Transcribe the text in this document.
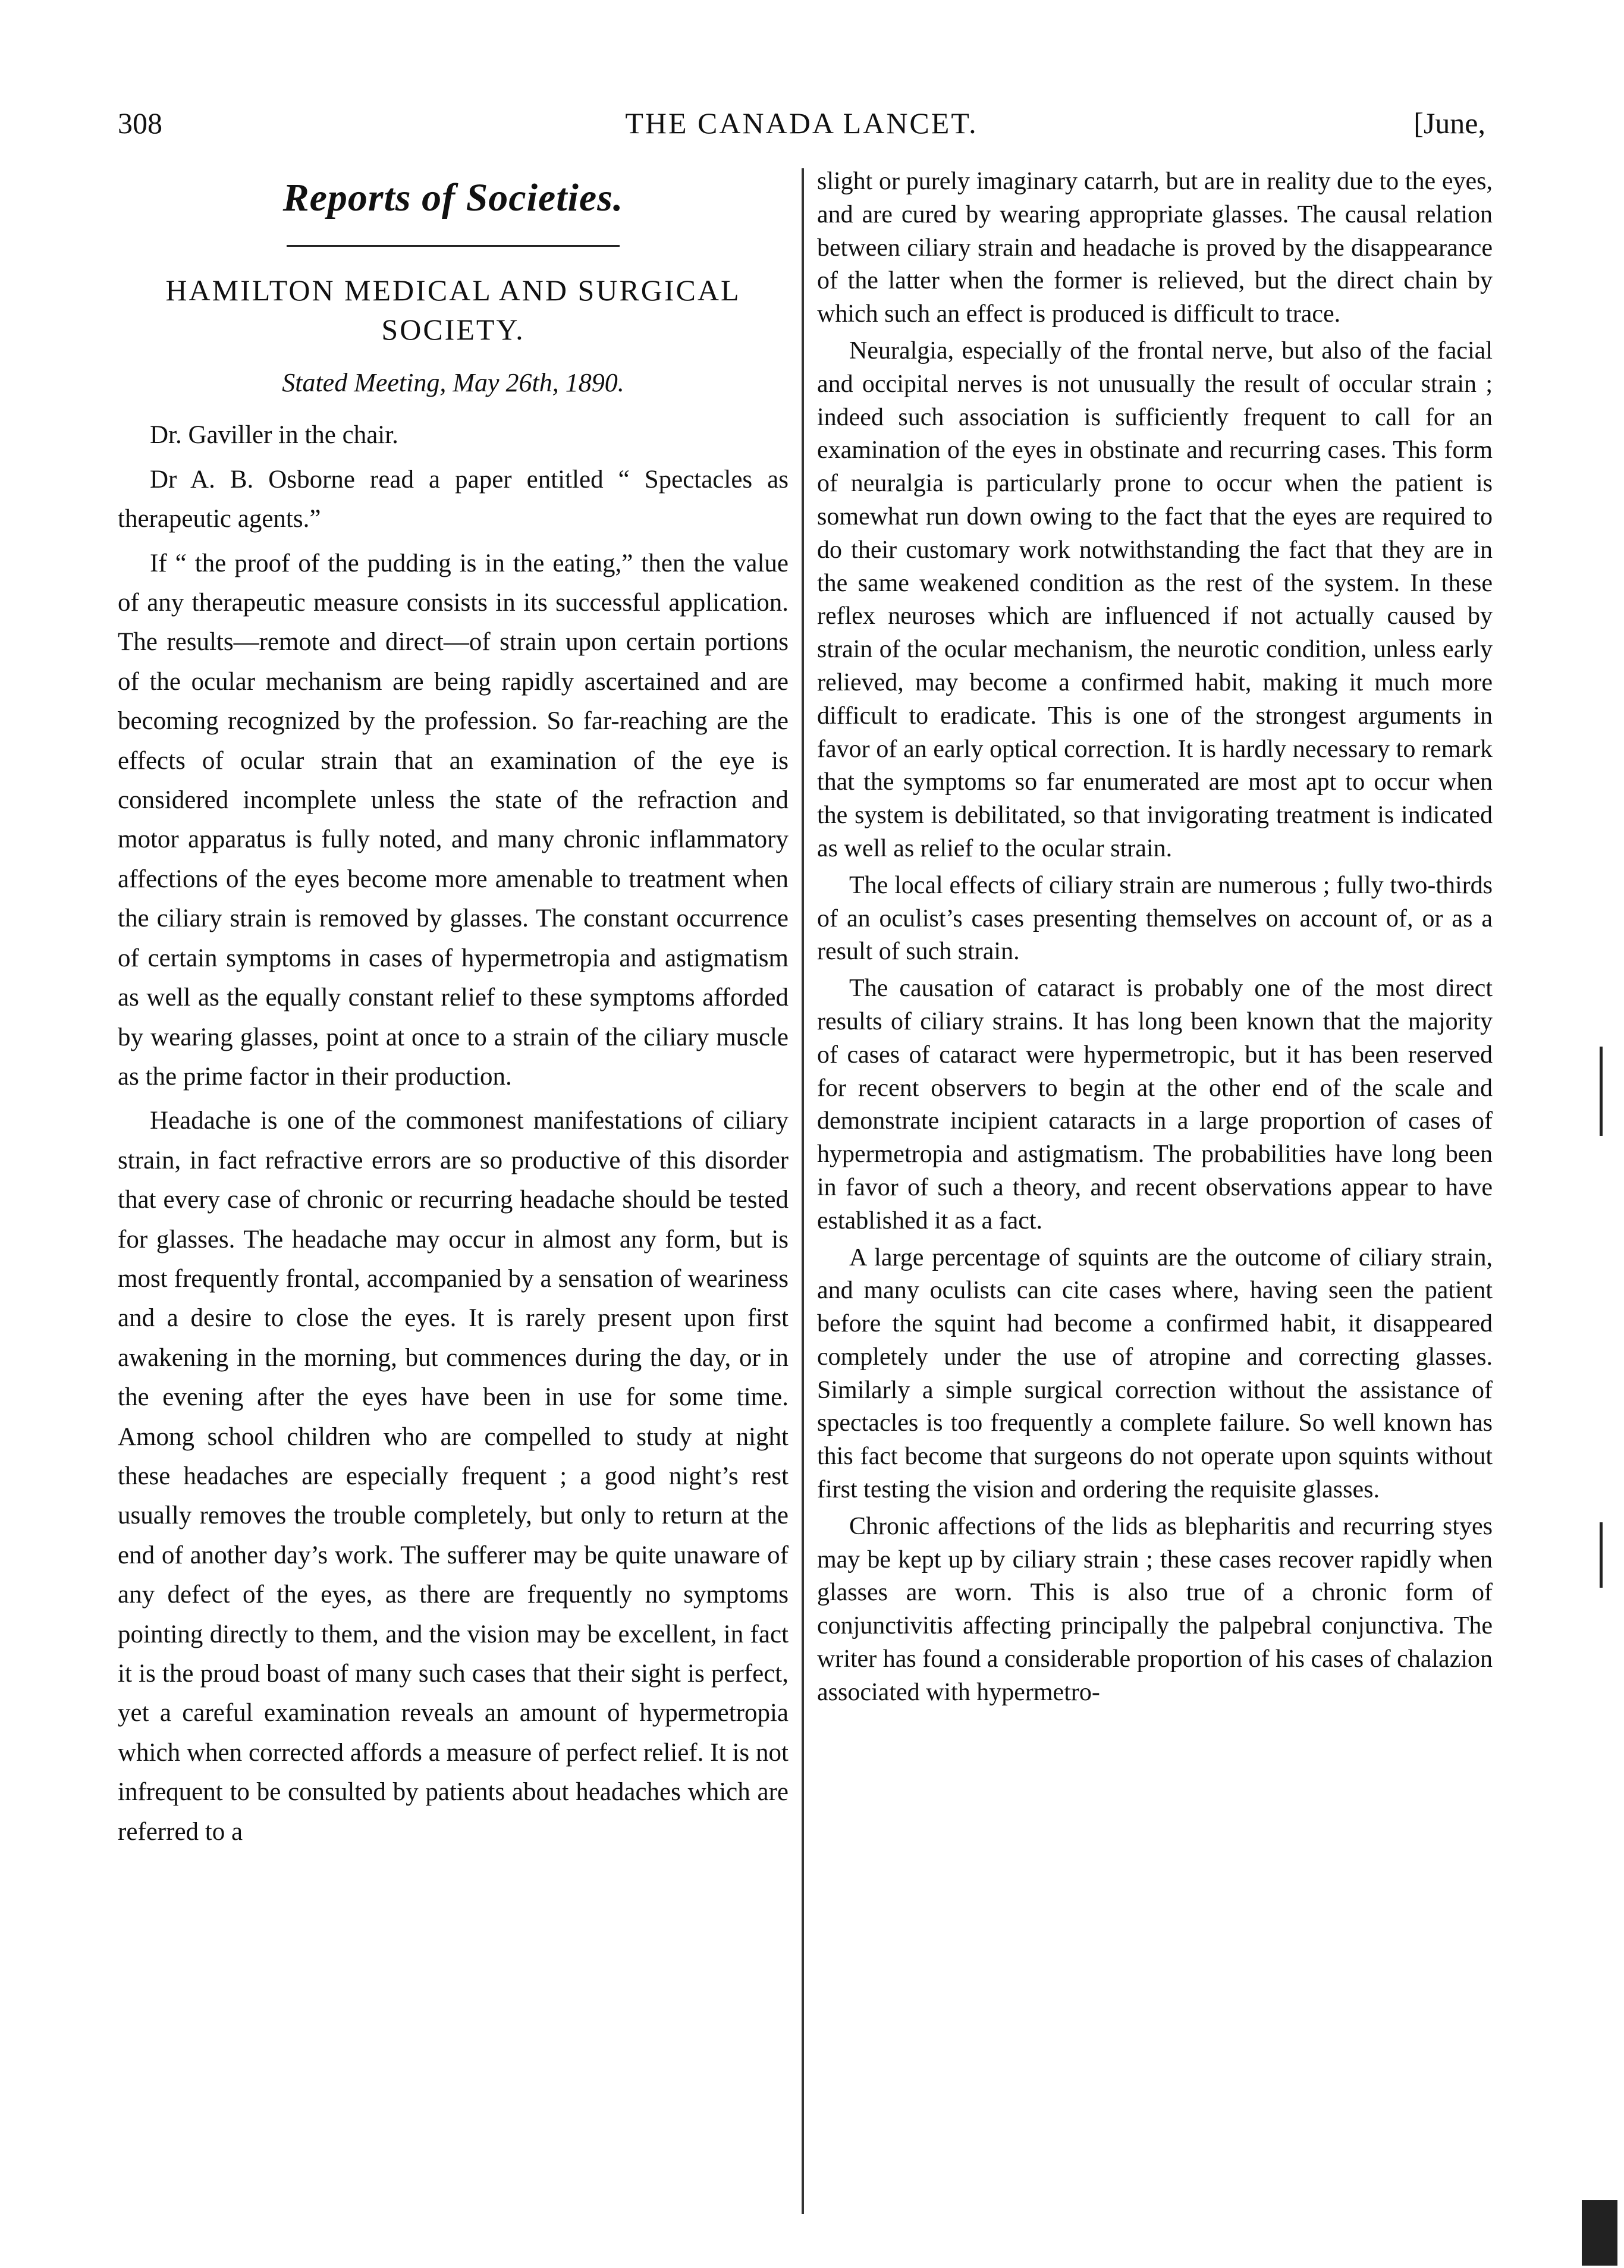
308	THE CANADA LANCET.	[June,
Reports of Societies.
HAMILTON MEDICAL AND SURGICAL SOCIETY.
Stated Meeting, May 26th, 1890.

Dr. Gaviller in the chair.

Dr A. B. Osborne read a paper entitled “ Spectacles as therapeutic agents.”

If “ the proof of the pudding is in the eating,” then the value of any therapeutic measure consists in its successful application. The results—remote and direct—of strain upon certain portions of the ocular mechanism are being rapidly ascertained and are becoming recognized by the profession. So far-reaching are the effects of ocular strain that an examination of the eye is considered incomplete unless the state of the refraction and motor apparatus is fully noted, and many chronic inflammatory affections of the eyes become more amenable to treatment when the ciliary strain is removed by glasses. The constant occurrence of certain symptoms in cases of hypermetropia and astigmatism as well as the equally constant relief to these symptoms afforded by wearing glasses, point at once to a strain of the ciliary muscle as the prime factor in their production.

Headache is one of the commonest manifestations of ciliary strain, in fact refractive errors are so productive of this disorder that every case of chronic or recurring headache should be tested for glasses. The headache may occur in almost any form, but is most frequently frontal, accompanied by a sensation of weariness and a desire to close the eyes. It is rarely present upon first awakening in the morning, but commences during the day, or in the evening after the eyes have been in use for some time. Among school children who are compelled to study at night these headaches are especially frequent ; a good night’s rest usually removes the trouble completely, but only to return at the end of another day’s work. The sufferer may be quite unaware of any defect of the eyes, as there are frequently no symptoms pointing directly to them, and the vision may be excellent, in fact it is the proud boast of many such cases that their sight is perfect, yet a careful examination reveals an amount of hypermetropia which when corrected affords a measure of perfect relief. It is not infrequent to be consulted by patients about headaches which are referred to a

slight or purely imaginary catarrh, but are in reality due to the eyes, and are cured by wearing appropriate glasses. The causal relation between ciliary strain and headache is proved by the disappearance of the latter when the former is relieved, but the direct chain by which such an effect is produced is difficult to trace.

Neuralgia, especially of the frontal nerve, but also of the facial and occipital nerves is not unusually the result of occular strain ; indeed such association is sufficiently frequent to call for an examination of the eyes in obstinate and recurring cases. This form of neuralgia is particularly prone to occur when the patient is somewhat run down owing to the fact that the eyes are required to do their customary work notwithstanding the fact that they are in the same weakened condition as the rest of the system. In these reflex neuroses which are influenced if not actually caused by strain of the ocular mechanism, the neurotic condition, unless early relieved, may become a confirmed habit, making it much more difficult to eradicate. This is one of the strongest arguments in favor of an early optical correction. It is hardly necessary to remark that the symptoms so far enumerated are most apt to occur when the system is debilitated, so that invigorating treatment is indicated as well as relief to the ocular strain.

The local effects of ciliary strain are numerous ; fully two-thirds of an oculist’s cases presenting themselves on account of, or as a result of such strain.

The causation of cataract is probably one of the most direct results of ciliary strains. It has long been known that the majority of cases of cataract were hypermetropic, but it has been reserved for recent observers to begin at the other end of the scale and demonstrate incipient cataracts in a large proportion of cases of hypermetropia and astigmatism. The probabilities have long been in favor of such a theory, and recent observations appear to have established it as a fact.

A large percentage of squints are the outcome of ciliary strain, and many oculists can cite cases where, having seen the patient before the squint had become a confirmed habit, it disappeared completely under the use of atropine and correcting glasses. Similarly a simple surgical correction without the assistance of spectacles is too frequently a complete failure. So well known has this fact become that surgeons do not operate upon squints without first testing the vision and ordering the requisite glasses.

Chronic affections of the lids as blepharitis and recurring styes may be kept up by ciliary strain ; these cases recover rapidly when glasses are worn. This is also true of a chronic form of conjunctivitis affecting principally the palpebral conjunctiva. The writer has found a considerable proportion of his cases of chalazion associated with hypermetro-
